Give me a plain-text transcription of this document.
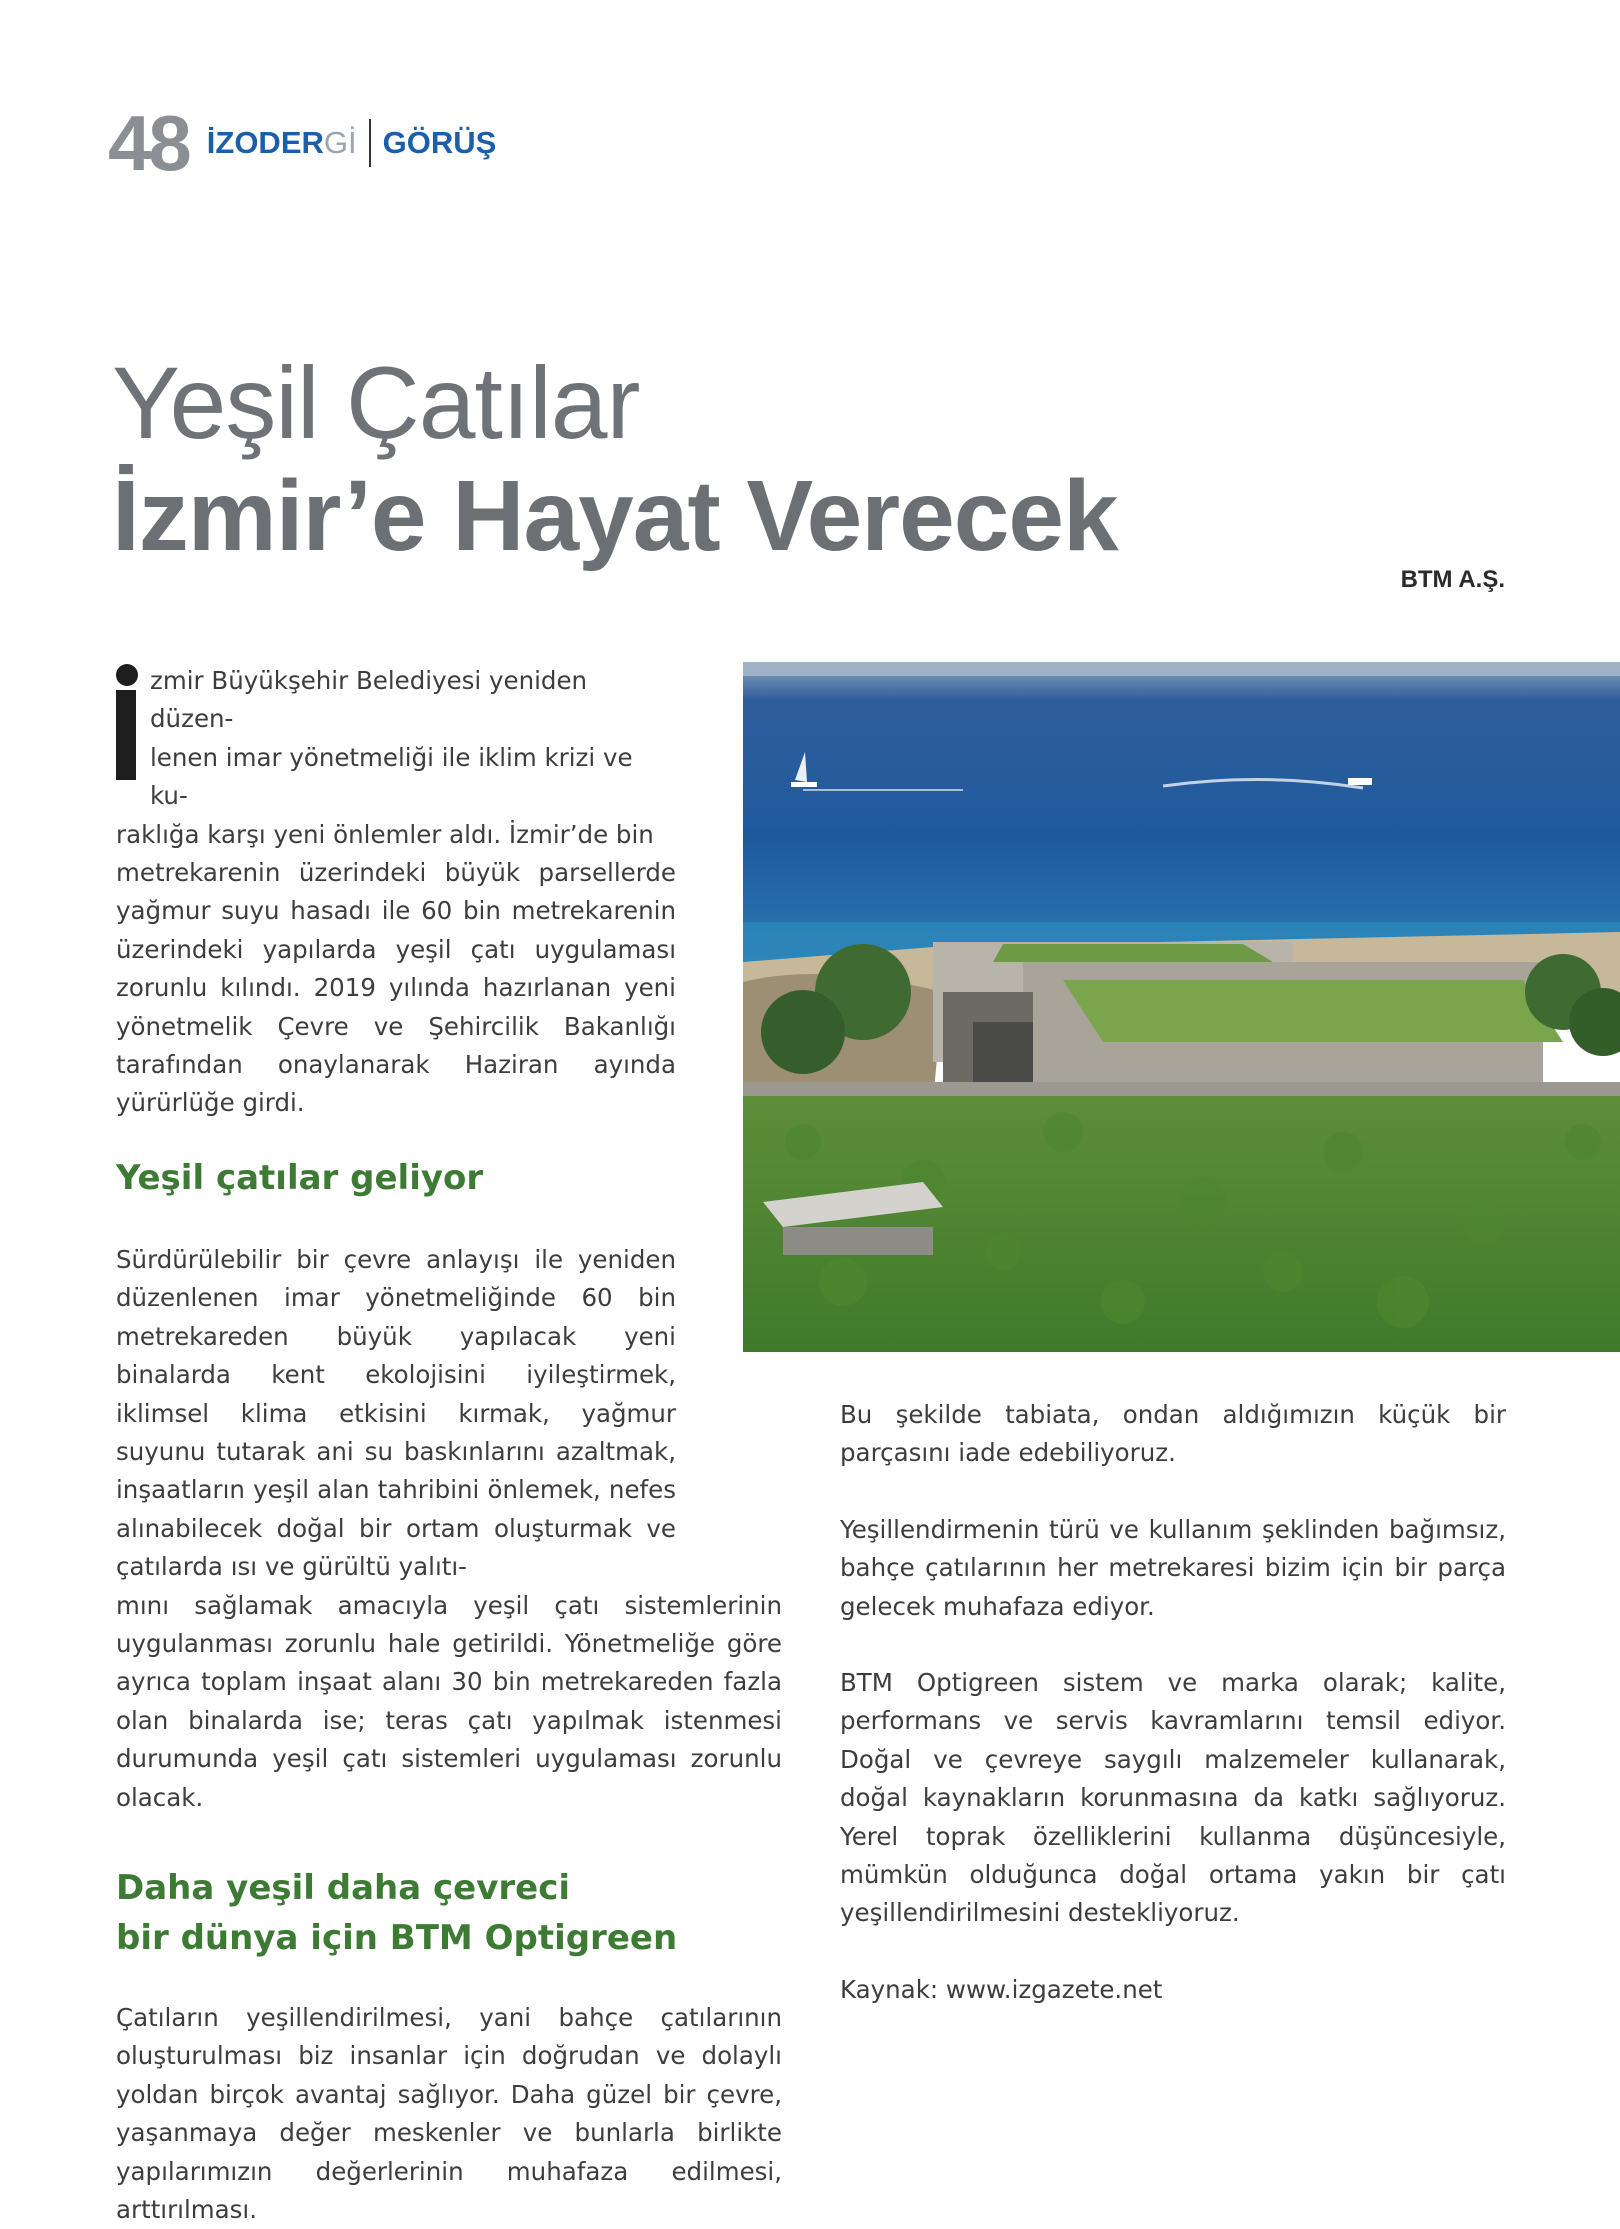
48 İZODERGİ GÖRÜŞ
Yeşil Çatılar
İzmir’e Hayat Verecek
BTM A.Ş.

zmir Büyükşehir Belediyesi yeniden düzen-

lenen imar yönetmeliği ile iklim krizi ve ku-

raklığa karşı yeni önlemler aldı. İzmir’de bin

metrekarenin üzerindeki büyük parsellerde yağmur suyu hasadı ile 60 bin metrekarenin üzerindeki yapılarda yeşil çatı uygulaması zorunlu kılındı. 2019 yılında hazırlanan yeni yönetmelik Çevre ve Şehircilik Bakanlığı tarafından onaylanarak Haziran ayında yürürlüğe girdi.

Yeşil çatılar geliyor

Sürdürülebilir bir çevre anlayışı ile yeniden düzenlenen imar yönetmeliğinde 60 bin metrekareden büyük yapılacak yeni binalarda kent ekolojisini iyileştirmek, iklimsel klima etkisini kırmak, yağmur suyunu tutarak ani su baskınlarını azaltmak, inşaatların yeşil alan tahribini önlemek, nefes alınabilecek doğal bir ortam oluşturmak ve çatılarda ısı ve gürültü yalıtı-

mını sağlamak amacıyla yeşil çatı sistemlerinin uygulanması zorunlu hale getirildi. Yönetmeliğe göre ayrıca toplam inşaat alanı 30 bin metrekareden fazla olan binalarda ise; teras çatı yapılmak istenmesi durumunda yeşil çatı sistemleri uygulaması zorunlu olacak.

Daha yeşil daha çevreci
bir dünya için BTM Optigreen

Çatıların yeşillendirilmesi, yani bahçe çatılarının oluşturulması biz insanlar için doğrudan ve dolaylı yoldan birçok avantaj sağlıyor. Daha güzel bir çevre, yaşanmaya değer meskenler ve bunlarla birlikte yapılarımızın değerlerinin muhafaza edilmesi, arttırılması.

Bu şekilde tabiata, ondan aldığımızın küçük bir parçasını iade edebiliyoruz.

Yeşillendirmenin türü ve kullanım şeklinden bağımsız, bahçe çatılarının her metrekaresi bizim için bir parça gelecek muhafaza ediyor.

BTM Optigreen sistem ve marka olarak; kalite, performans ve servis kavramlarını temsil ediyor. Doğal ve çevreye saygılı malzemeler kullanarak, doğal kaynakların korunmasına da katkı sağlıyoruz. Yerel toprak özelliklerini kullanma düşüncesiyle, mümkün olduğunca doğal ortama yakın bir çatı yeşillendirilmesini destekliyoruz.

Kaynak: www.izgazete.net
